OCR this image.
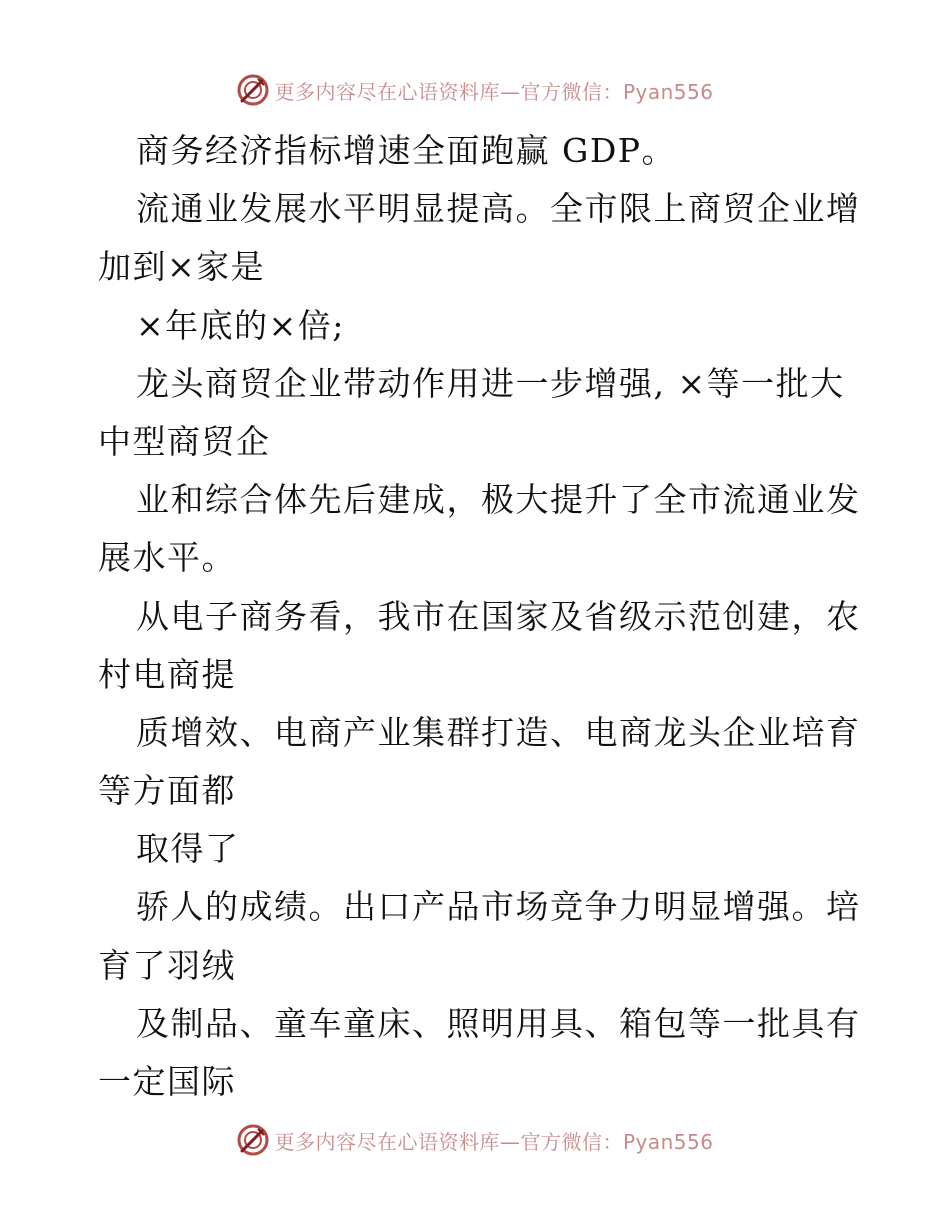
更多内容尽在心语资料库—官方微信：Pyan556
商务经济指标增速全面跑赢 GDP。
流通业发展水平明显提高。全市限上商贸企业增
加到×家是
×年底的×倍;
龙头商贸企业带动作用进一步增强, ×等一批大
中型商贸企
业和综合体先后建成，极大提升了全市流通业发
展水平。
从电子商务看，我市在国家及省级示范创建，农
村电商提
质增效、电商产业集群打造、电商龙头企业培育
等方面都
取得了
骄人的成绩。出口产品市场竞争力明显增强。培
育了羽绒
及制品、童车童床、照明用具、箱包等一批具有
一定国际
更多内容尽在心语资料库—官方微信：Pyan556
